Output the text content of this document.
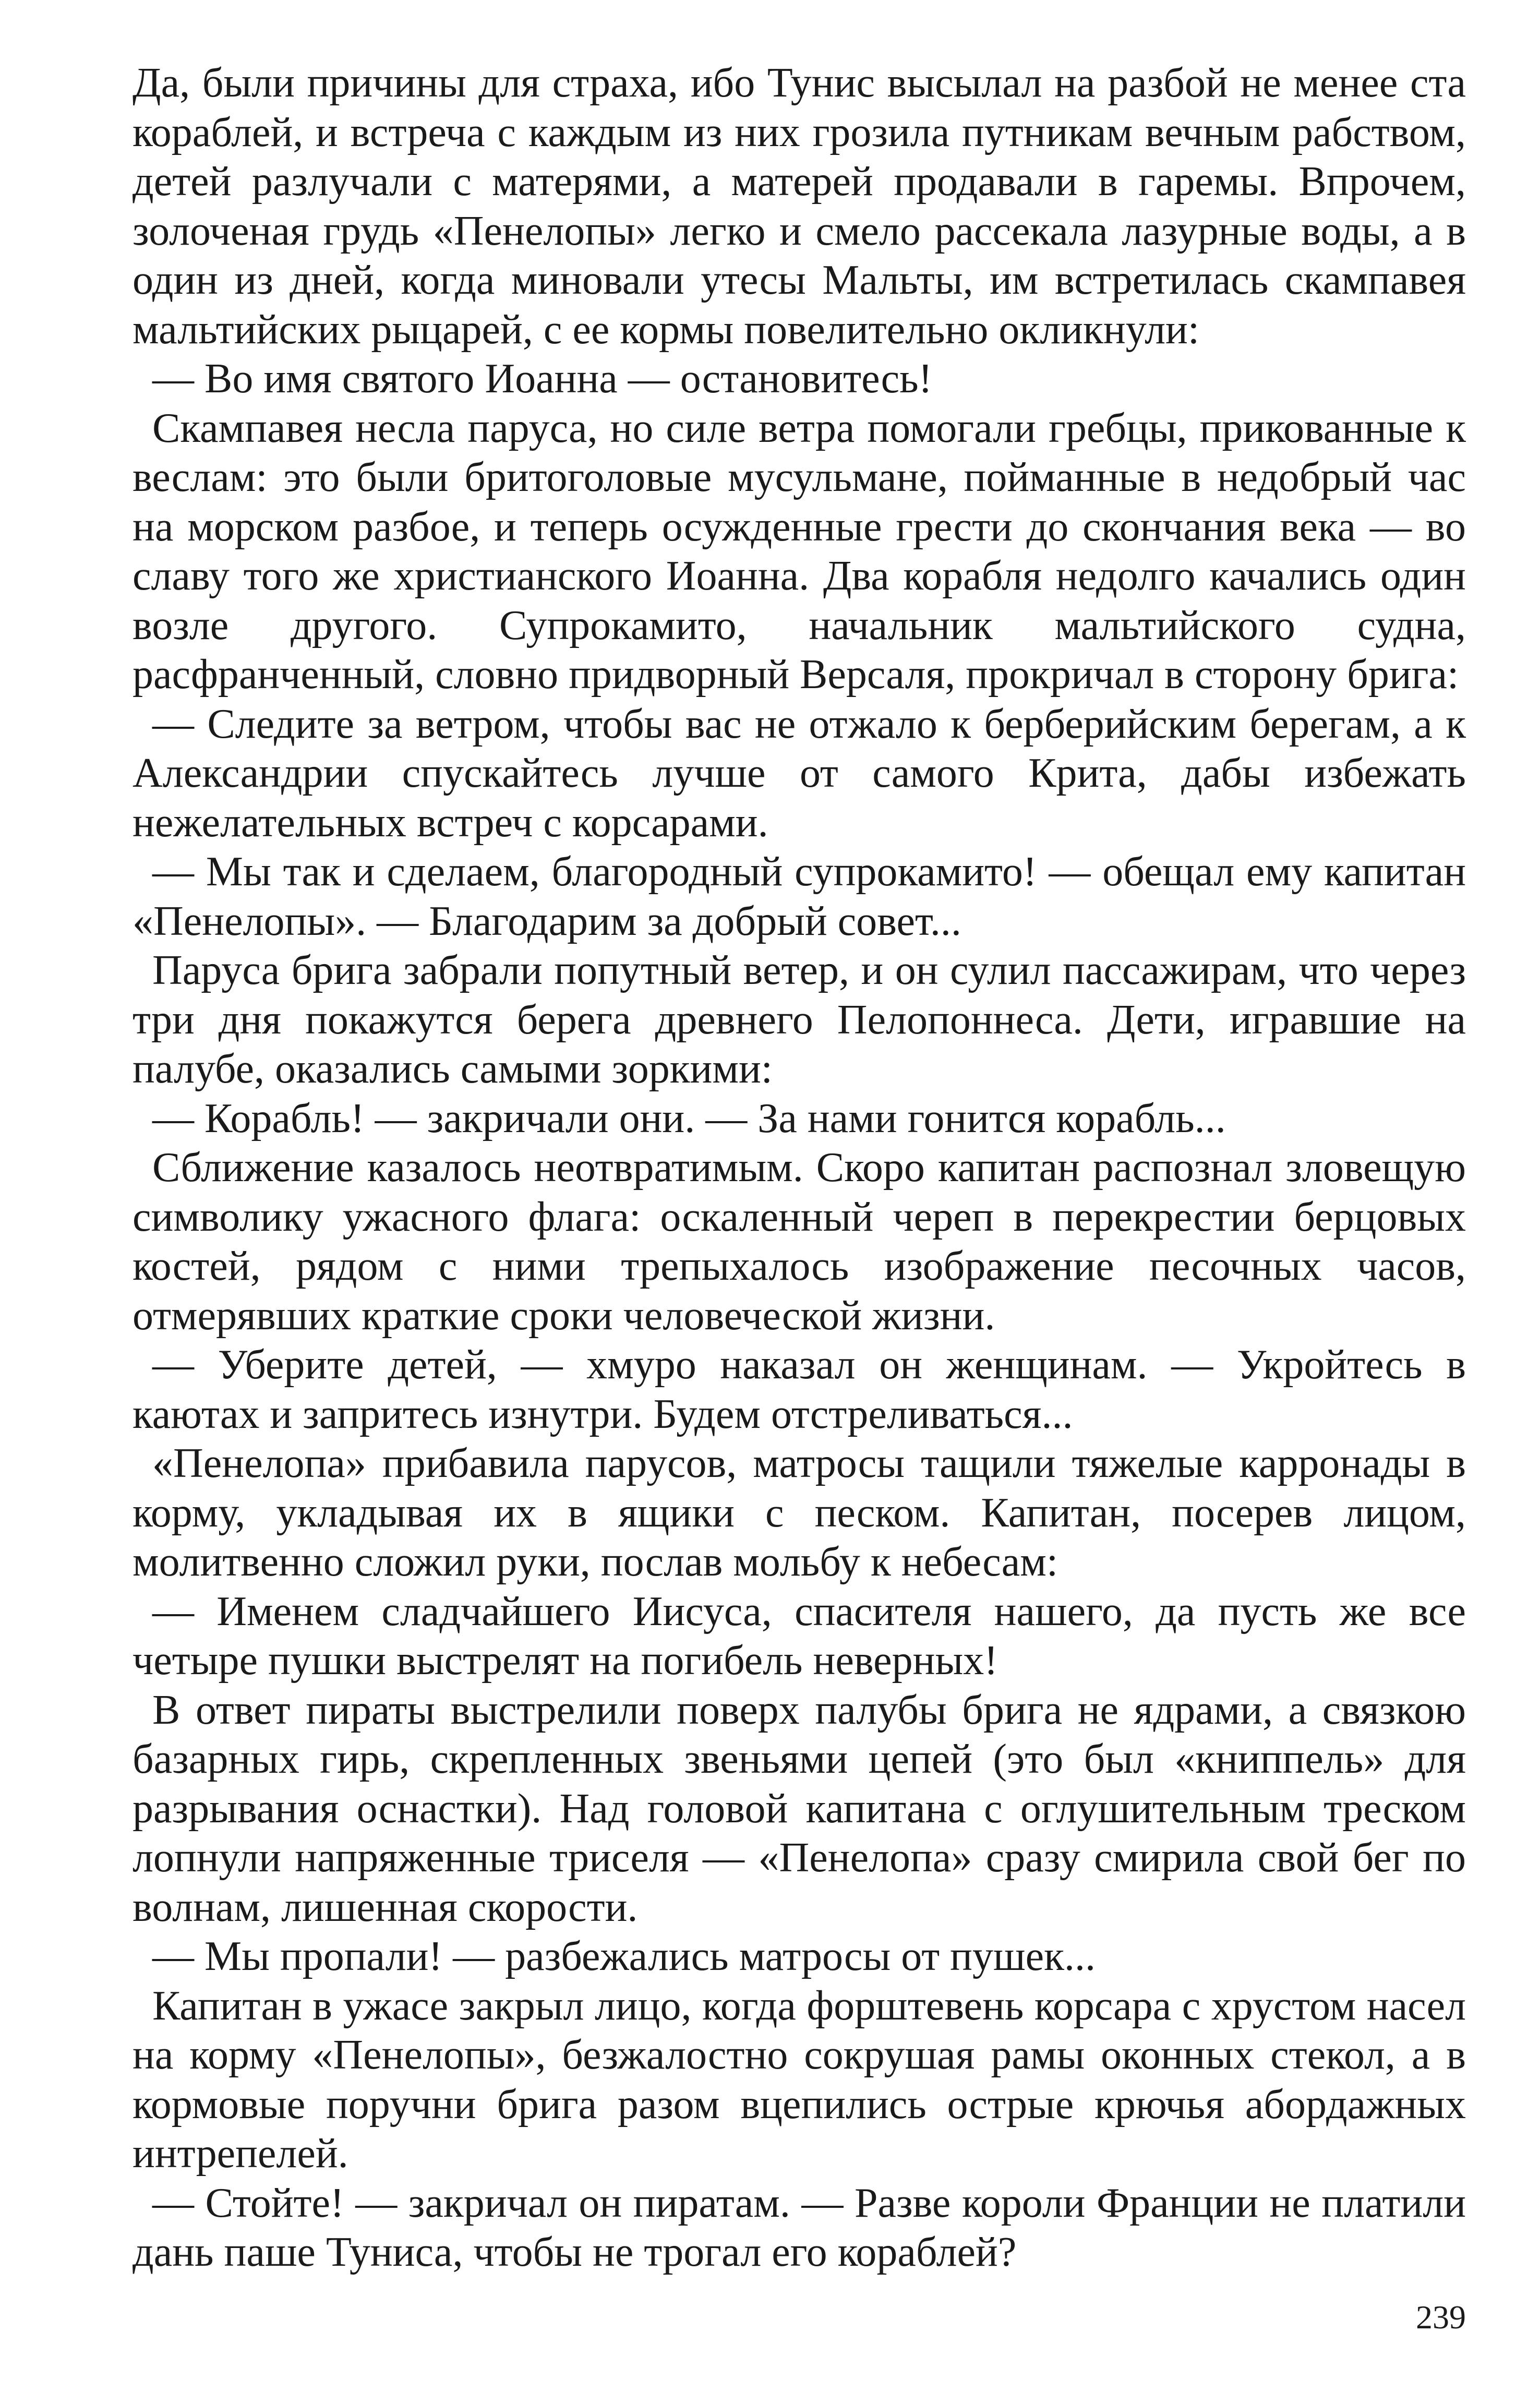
Да, были причины для страха, ибо Тунис высылал на разбой не менее ста кораблей, и встреча с каждым из них грозила путникам вечным рабством, детей разлучали с матерями, а матерей продавали в гаремы. Впрочем, золоченая грудь «Пенелопы» легко и смело рассекала лазурные воды, а в один из дней, когда миновали утесы Мальты, им встретилась скампавея мальтийских рыцарей, с ее кормы повелительно окликнули:

— Во имя святого Иоанна — остановитесь!

Скампавея несла паруса, но силе ветра помогали гребцы, прикованные к веслам: это были бритоголовые мусульмане, пойманные в недобрый час на морском разбое, и теперь осужденные грести до скончания века — во славу того же христианского Иоанна. Два корабля недолго качались один возле другого. Супрокамито, начальник мальтийского судна, расфранченный, словно придворный Версаля, прокричал в сторону брига:

— Следите за ветром, чтобы вас не отжало к берберийским берегам, а к Александрии спускайтесь лучше от самого Крита, дабы избежать нежелательных встреч с корсарами.

— Мы так и сделаем, благородный супрокамито! — обещал ему капитан «Пенелопы». — Благодарим за добрый совет...

Паруса брига забрали попутный ветер, и он сулил пассажирам, что через три дня покажутся берега древнего Пелопоннеса. Дети, игравшие на палубе, оказались самыми зоркими:

— Корабль! — закричали они. — За нами гонится корабль...

Сближение казалось неотвратимым. Скоро капитан распознал зловещую символику ужасного флага: оскаленный череп в перекрестии берцовых костей, рядом с ними трепыхалось изображение песочных часов, отмерявших краткие сроки человеческой жизни.

— Уберите детей, — хмуро наказал он женщинам. — Укройтесь в каютах и запритесь изнутри. Будем отстреливаться...

«Пенелопа» прибавила парусов, матросы тащили тяжелые карронады в корму, укладывая их в ящики с песком. Капитан, посерев лицом, молитвенно сложил руки, послав мольбу к небесам:

— Именем сладчайшего Иисуса, спасителя нашего, да пусть же все четыре пушки выстрелят на погибель неверных!

В ответ пираты выстрелили поверх палубы брига не ядрами, а связкою базарных гирь, скрепленных звеньями цепей (это был «книппель» для разрывания оснастки). Над головой капитана с оглушительным треском лопнули напряженные триселя — «Пенелопа» сразу смирила свой бег по волнам, лишенная скорости.

— Мы пропали! — разбежались матросы от пушек...

Капитан в ужасе закрыл лицо, когда форштевень корсара с хрустом насел на корму «Пенелопы», безжалостно сокрушая рамы оконных стекол, а в кормовые поручни брига разом вцепились острые крючья абордажных интрепелей.

— Стойте! — закричал он пиратам. — Разве короли Франции не платили дань паше Туниса, чтобы не трогал его кораблей?

239
